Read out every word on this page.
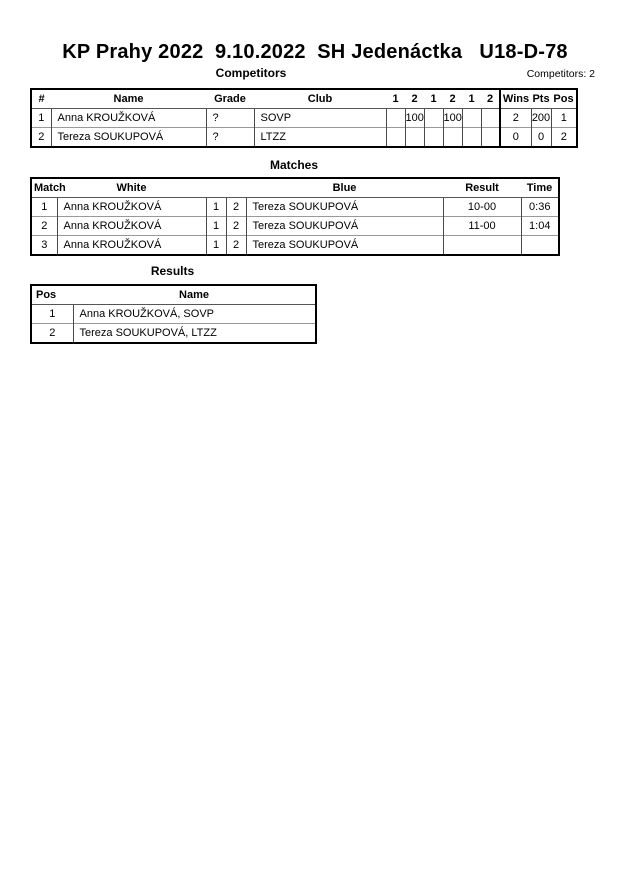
KP Prahy 2022  9.10.2022  SH Jedenáctka   U18-D-78
Competitors	Competitors: 2
#	Name	Grade	Club	1	2	1	2	1	2	Wins	Pts	Pos
1	Anna KROUŽKOVÁ	?	SOVP		100		100			2	200	1
2	Tereza SOUKUPOVÁ	?	LTZZ							0	0	2
Matches
Match	White			Blue	Result	Time
1	Anna KROUŽKOVÁ	1	2	Tereza SOUKUPOVÁ	10-00	0:36
2	Anna KROUŽKOVÁ	1	2	Tereza SOUKUPOVÁ	11-00	1:04
3	Anna KROUŽKOVÁ	1	2	Tereza SOUKUPOVÁ		
Results
Pos	Name
1	Anna KROUŽKOVÁ, SOVP
2	Tereza SOUKUPOVÁ, LTZZ
